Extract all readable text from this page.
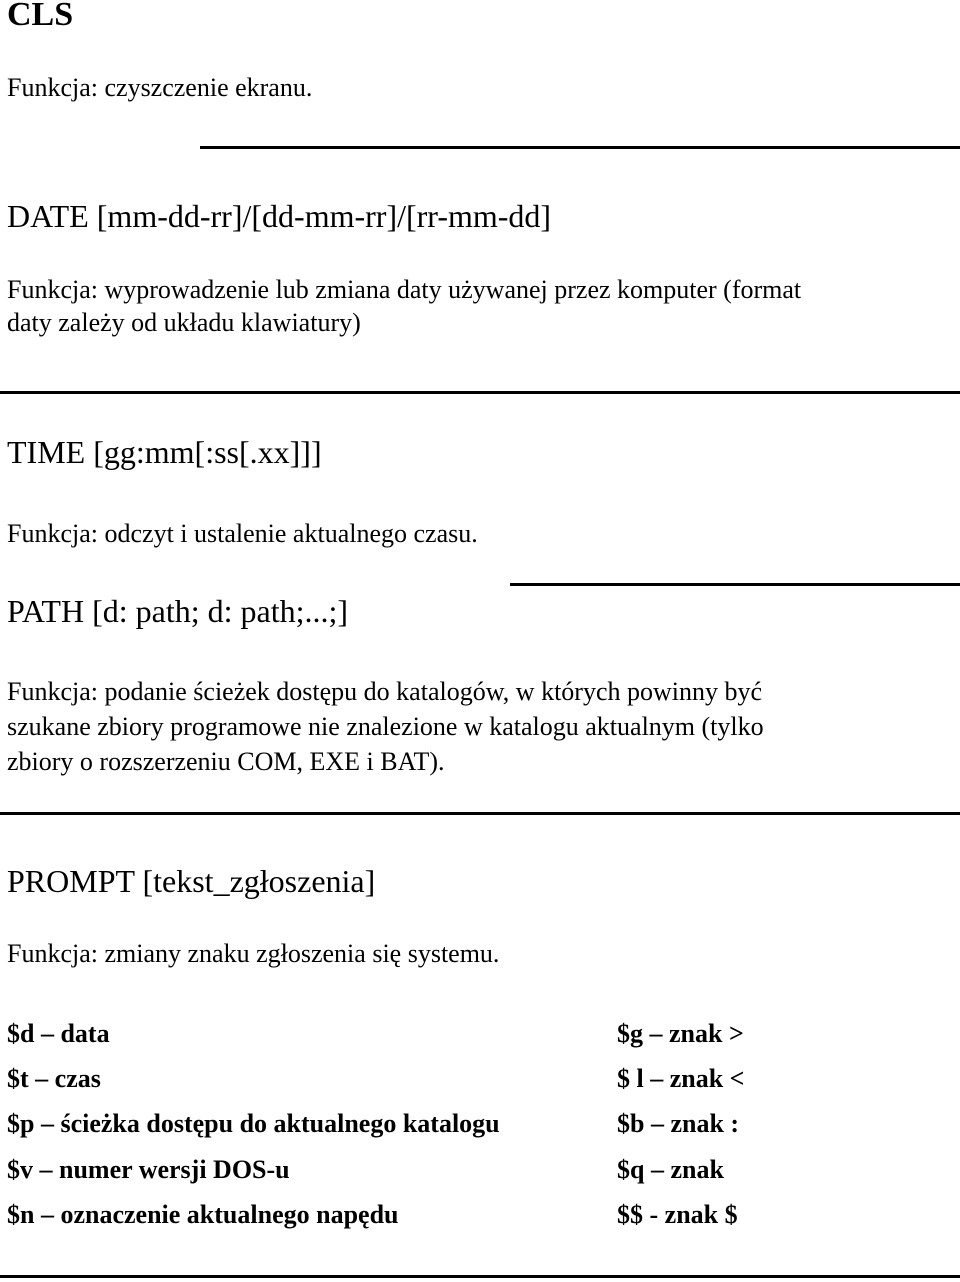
CLS
Funkcja: czyszczenie ekranu.
DATE [mm-dd-rr]/[dd-mm-rr]/[rr-mm-dd]
Funkcja: wyprowadzenie lub zmiana daty używanej przez komputer (format
daty zależy od układu klawiatury)
TIME [gg:mm[:ss[.xx]]]
Funkcja: odczyt i ustalenie aktualnego czasu.
PATH [d: path; d: path;...;]
Funkcja: podanie ścieżek dostępu do katalogów, w których powinny być
szukane zbiory programowe nie znalezione w katalogu aktualnym (tylko
zbiory o rozszerzeniu COM, EXE i BAT).
PROMPT [tekst_zgłoszenia]
Funkcja: zmiany znaku zgłoszenia się systemu.
$d – data
$t – czas
$p – ścieżka dostępu do aktualnego katalogu
$v – numer wersji DOS-u
$n – oznaczenie aktualnego napędu
$g – znak >
$ l – znak <
$b – znak :
$q – znak
$$ - znak $
